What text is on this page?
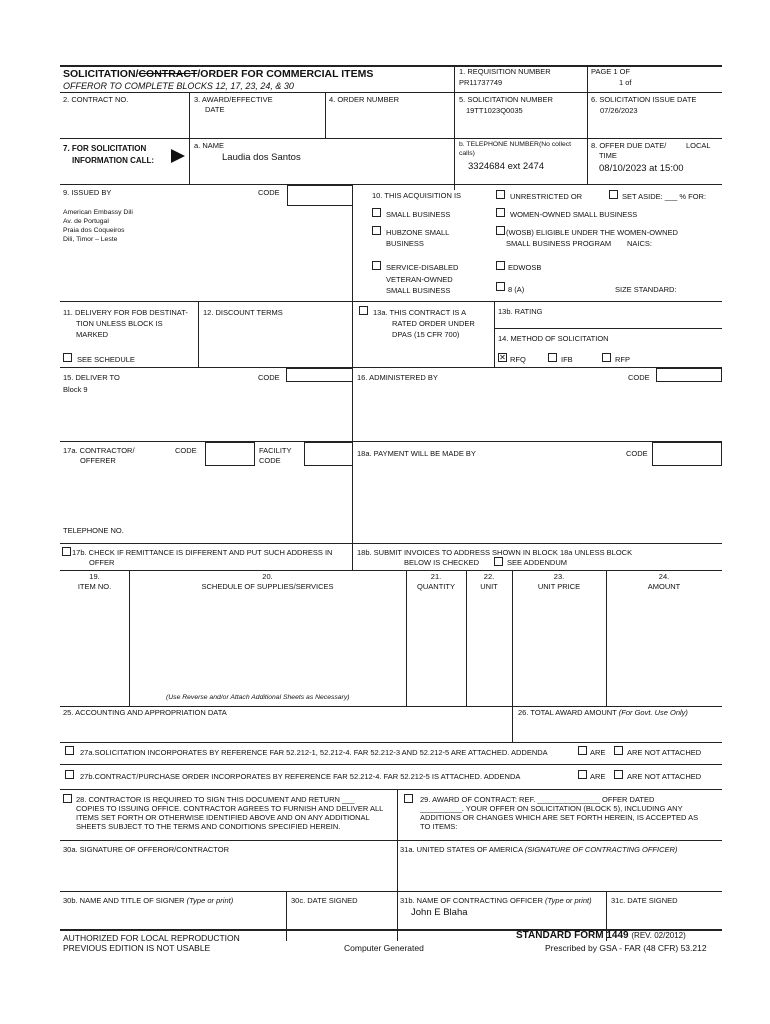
SOLICITATION/CONTRACT/ORDER FOR COMMERCIAL ITEMS
OFFEROR TO COMPLETE BLOCKS 12, 17, 23, 24, & 30
1. REQUISITION NUMBER
PR11737749
PAGE 1 OF
1 of
2. CONTRACT NO.	3. AWARD/EFFECTIVE
DATE
4. ORDER NUMBER	5. SOLICITATION NUMBER
19TT1023Q0035
6. SOLICITATION ISSUE DATE
07/26/2023
7. FOR SOLICITATION
INFORMATION CALL:
a. NAME
Laudia dos Santos
b. TELEPHONE NUMBER(No collect
calls)
3324684 ext 2474
8. OFFER DUE DATE/	LOCAL
TIME
08/10/2023 at 15:00
9. ISSUED BY	CODE
American Embassy Dili
Av. de Portugal
Praia dos Coqueiros
Dili, Timor – Leste
10. THIS ACQUISITION IS	UNRESTRICTED OR	SET ASIDE: ___ % FOR:
SMALL BUSINESS	WOMEN-OWNED SMALL BUSINESS
HUBZONE SMALL
BUSINESS
(WOSB) ELIGIBLE UNDER THE WOMEN-OWNED
SMALL BUSINESS PROGRAM NAICS:
SERVICE-DISABLED
VETERAN-OWNED
SMALL BUSINESS
EDWOSB
8 (A)	SIZE STANDARD:
11. DELIVERY FOR FOB DESTINAT-
TION UNLESS BLOCK IS
MARKED
SEE SCHEDULE
12. DISCOUNT TERMS	13a. THIS CONTRACT IS A
RATED ORDER UNDER
DPAS (15 CFR 700)
13b. RATING
14. METHOD OF SOLICITATION
✕ RFQ	IFB	RFP
15. DELIVER TO	CODE
Block 9
16. ADMINISTERED BY	CODE
17a. CONTRACTOR/
OFFERER
CODE	FACILITY
CODE
18a. PAYMENT WILL BE MADE BY	CODE
TELEPHONE NO.
17b. CHECK IF REMITTANCE IS DIFFERENT AND PUT SUCH ADDRESS IN
OFFER
18b. SUBMIT INVOICES TO ADDRESS SHOWN IN BLOCK 18a UNLESS BLOCK
BELOW IS CHECKED	SEE ADDENDUM
19.
ITEM NO.
20.
SCHEDULE OF SUPPLIES/SERVICES
21.
QUANTITY
22.
UNIT
23.
UNIT PRICE
24.
AMOUNT
(Use Reverse and/or Attach Additional Sheets as Necessary)
25. ACCOUNTING AND APPROPRIATION DATA	26. TOTAL AWARD AMOUNT (For Govt. Use Only)
27a.SOLICITATION INCORPORATES BY REFERENCE FAR 52.212-1, 52.212-4. FAR 52.212-3 AND 52.212-5 ARE ATTACHED. ADDENDA	ARE	ARE NOT ATTACHED
27b.CONTRACT/PURCHASE ORDER INCORPORATES BY REFERENCE FAR 52.212-4. FAR 52.212-5 IS ATTACHED. ADDENDA	ARE	ARE NOT ATTACHED
28. CONTRACTOR IS REQUIRED TO SIGN THIS DOCUMENT AND RETURN ___
COPIES TO ISSUING OFFICE. CONTRACTOR AGREES TO FURNISH AND DELIVER ALL
ITEMS SET FORTH OR OTHERWISE IDENTIFIED ABOVE AND ON ANY ADDITIONAL
SHEETS SUBJECT TO THE TERMS AND CONDITIONS SPECIFIED HEREIN.
29. AWARD OF CONTRACT: REF. _______________ OFFER DATED
__________. YOUR OFFER ON SOLICITATION (BLOCK 5), INCLUDING ANY
ADDITIONS OR CHANGES WHICH ARE SET FORTH HEREIN, IS ACCEPTED AS
TO ITEMS:
30a. SIGNATURE OF OFFEROR/CONTRACTOR	31a. UNITED STATES OF AMERICA (SIGNATURE OF CONTRACTING OFFICER)
30b. NAME AND TITLE OF SIGNER (Type or print)	30c. DATE SIGNED	31b. NAME OF CONTRACTING OFFICER (Type or print)
John E Blaha
31c. DATE SIGNED
AUTHORIZED FOR LOCAL REPRODUCTION
PREVIOUS EDITION IS NOT USABLE	Computer Generated
STANDARD FORM 1449 (REV. 02/2012)
Prescribed by GSA - FAR (48 CFR) 53.212
